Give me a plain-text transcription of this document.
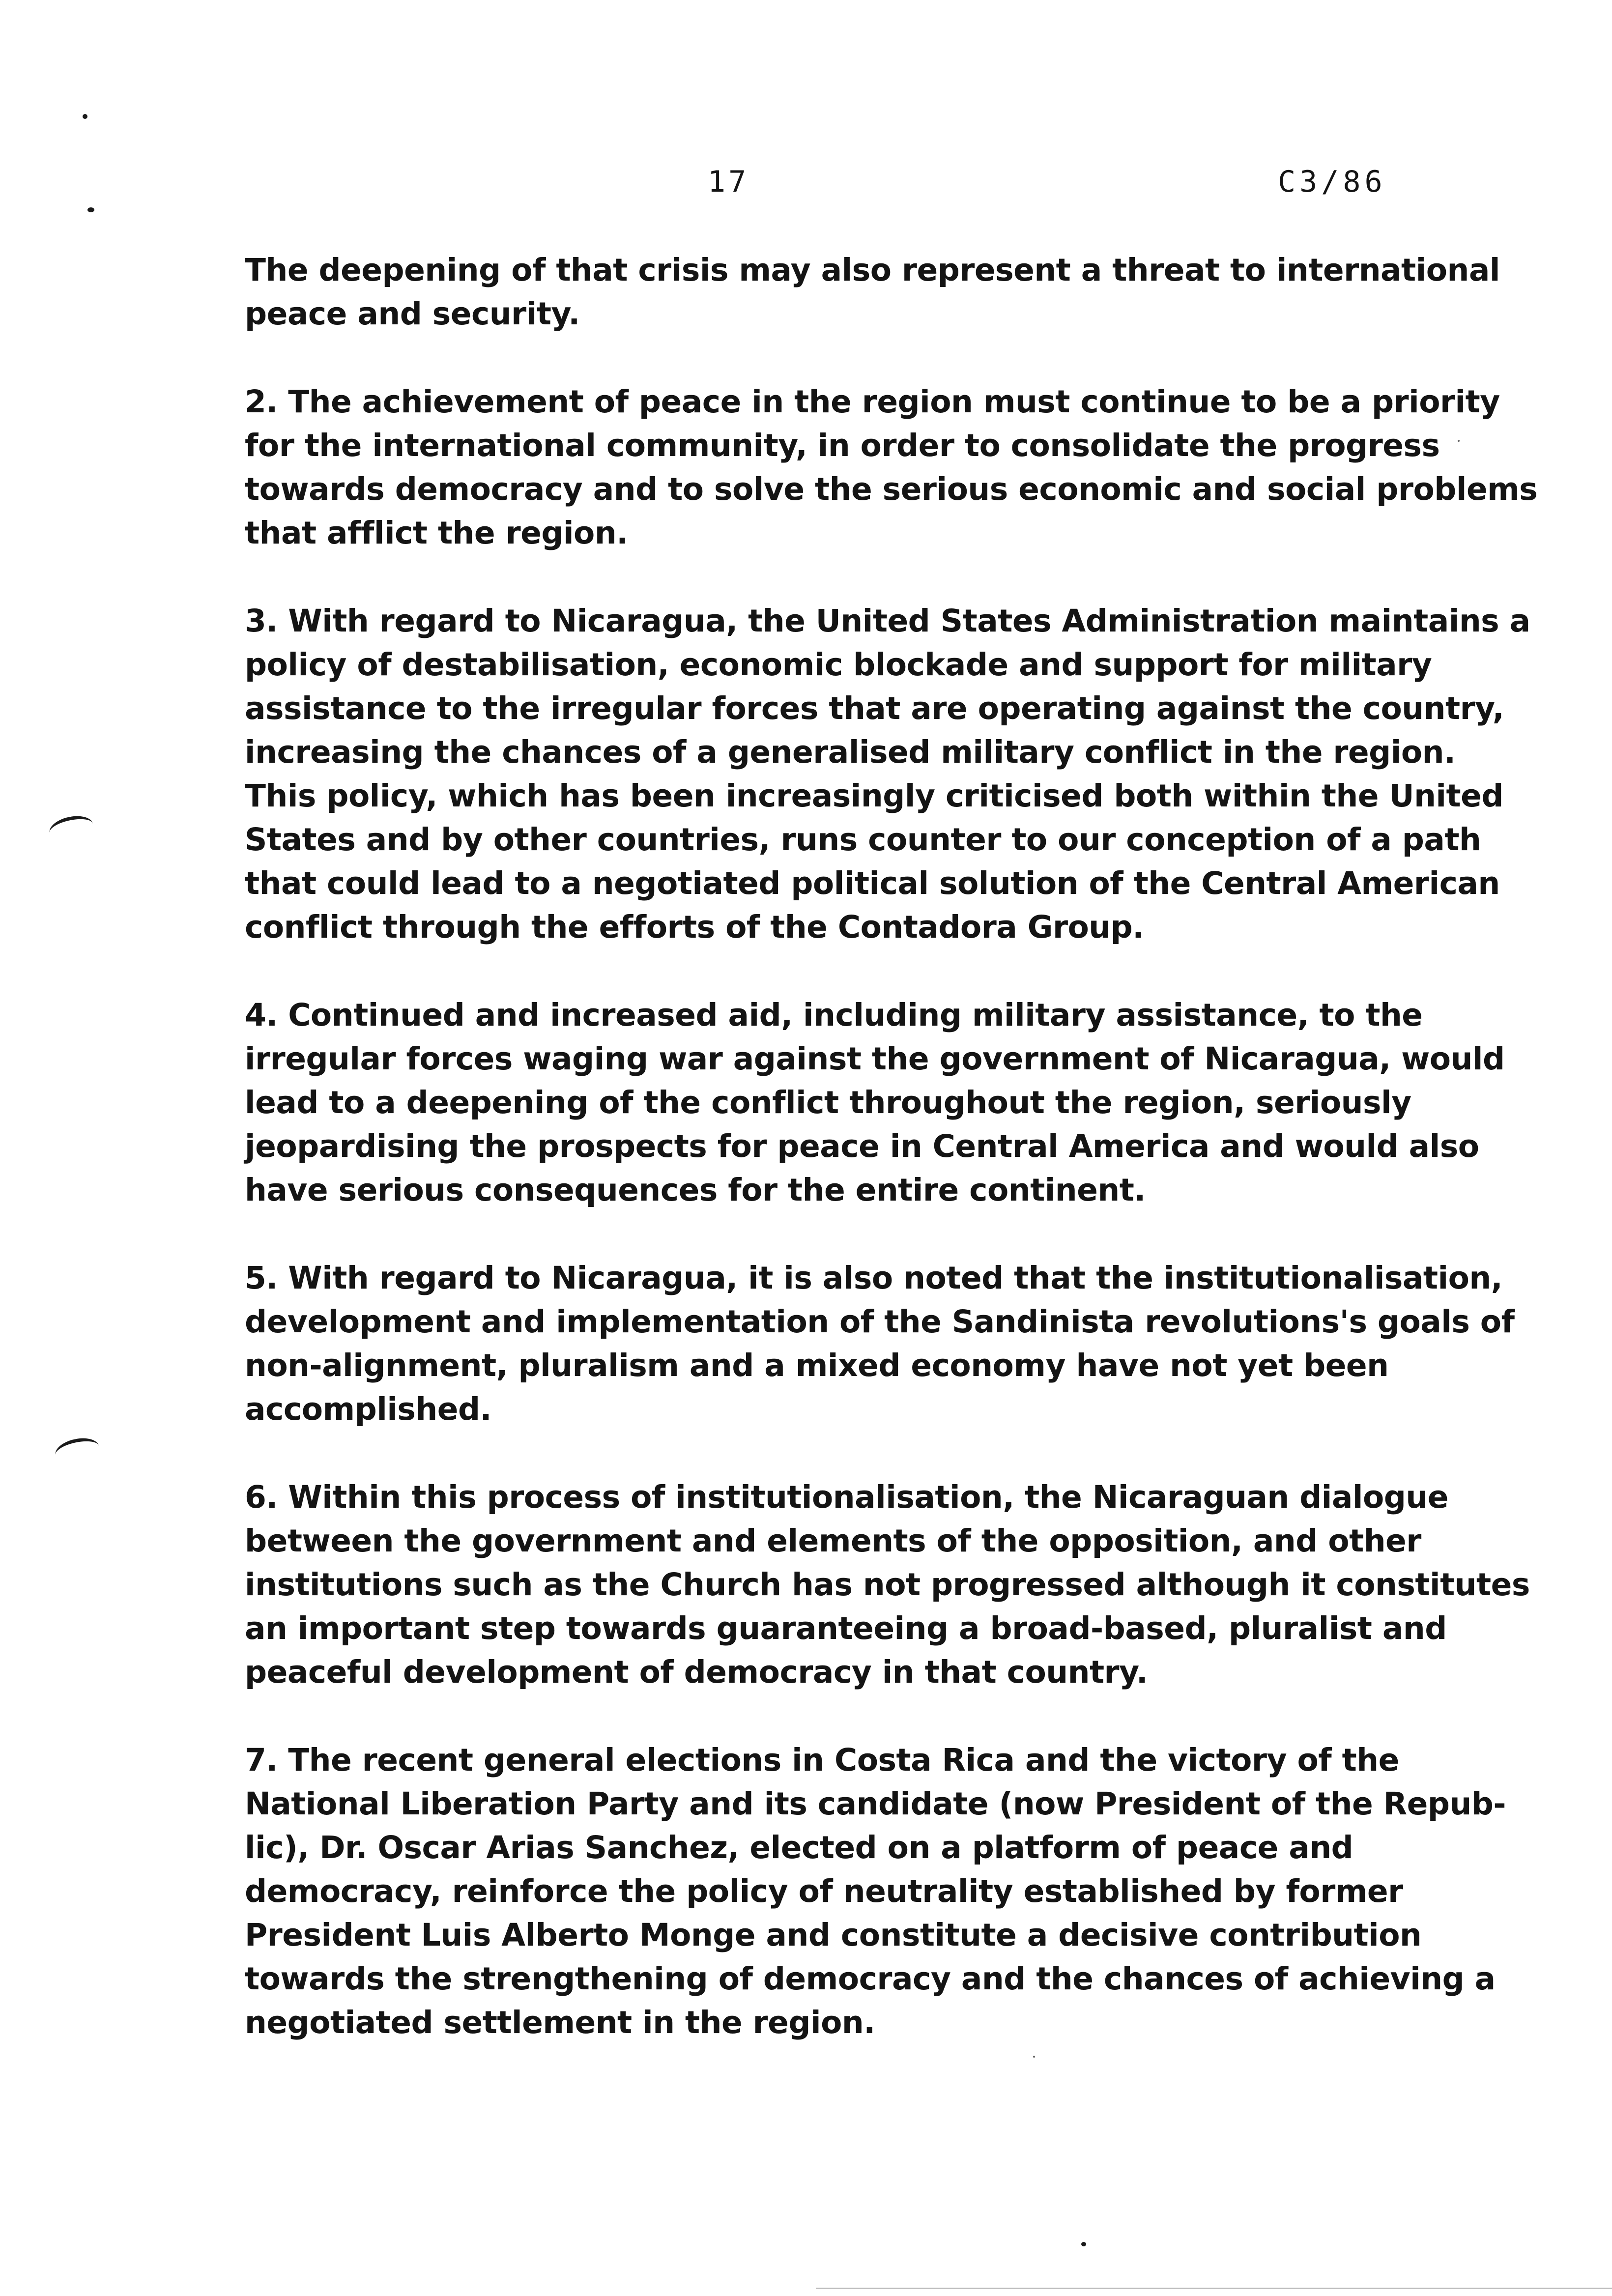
17	C3/86
The deepening of that crisis may also represent a threat to international
peace and security.
2. The achievement of peace in the region must continue to be a priority
for the international community, in order to consolidate the progress
towards democracy and to solve the serious economic and social problems
that afflict the region.
3. With regard to Nicaragua, the United States Administration maintains a
policy of destabilisation, economic blockade and support for military
assistance to the irregular forces that are operating against the country,
increasing the chances of a generalised military conflict in the region.
This policy, which has been increasingly criticised both within the United
States and by other countries, runs counter to our conception of a path
that could lead to a negotiated political solution of the Central American
conflict through the efforts of the Contadora Group.
4. Continued and increased aid, including military assistance, to the
irregular forces waging war against the government of Nicaragua, would
lead to a deepening of the conflict throughout the region, seriously
jeopardising the prospects for peace in Central America and would also
have serious consequences for the entire continent.
5. With regard to Nicaragua, it is also noted that the institutionalisation,
development and implementation of the Sandinista revolutions's goals of
non-alignment, pluralism and a mixed economy have not yet been
accomplished.
6. Within this process of institutionalisation, the Nicaraguan dialogue
between the government and elements of the opposition, and other
institutions such as the Church has not progressed although it constitutes
an important step towards guaranteeing a broad-based, pluralist and
peaceful development of democracy in that country.
7. The recent general elections in Costa Rica and the victory of the
National Liberation Party and its candidate (now President of the Repub-
lic), Dr. Oscar Arias Sanchez, elected on a platform of peace and
democracy, reinforce the policy of neutrality established by former
President Luis Alberto Monge and constitute a decisive contribution
towards the strengthening of democracy and the chances of achieving a
negotiated settlement in the region.
